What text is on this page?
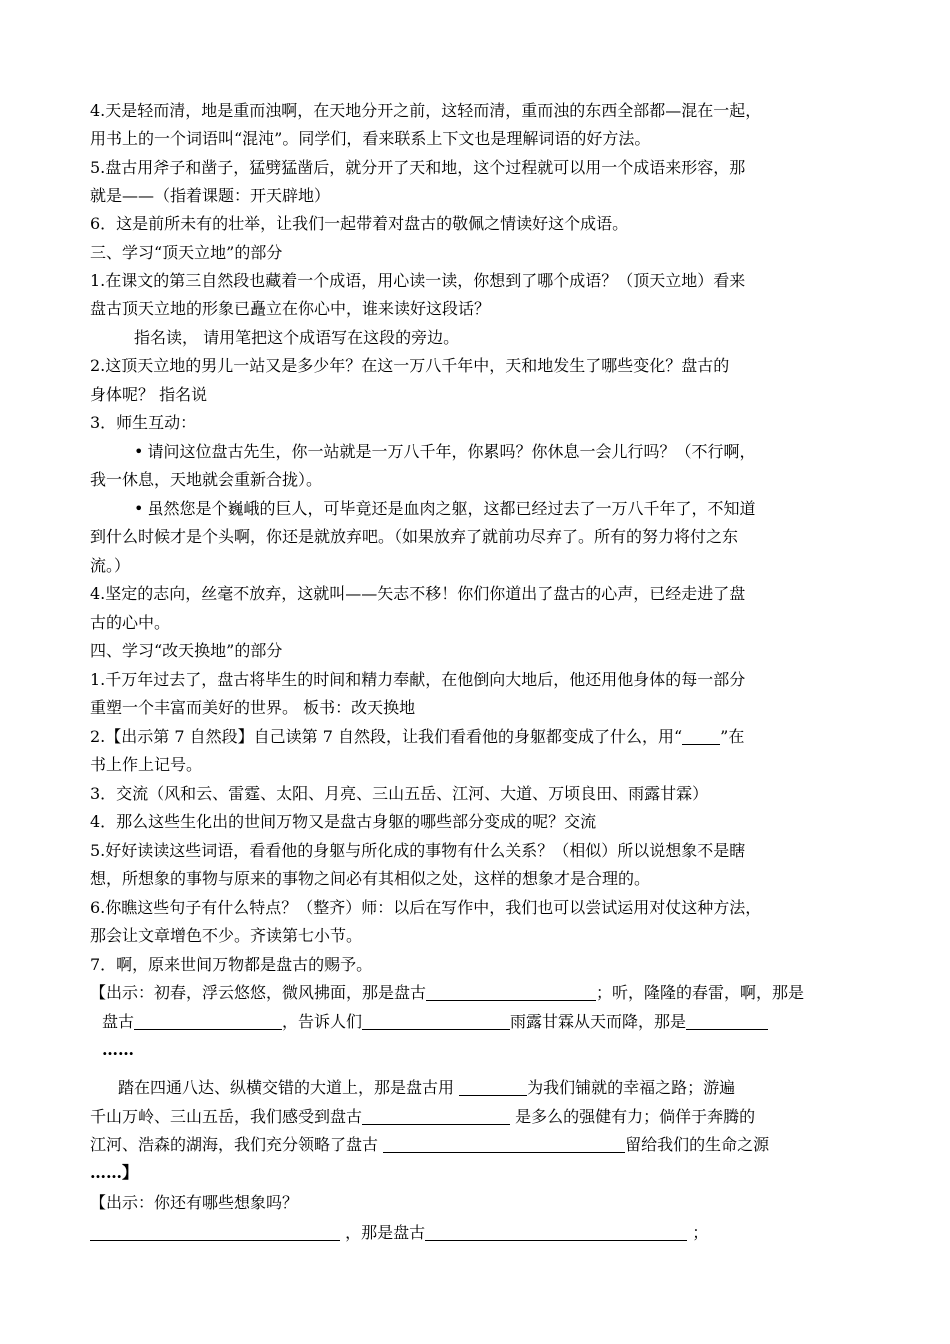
4.天是轻而清，地是重而浊啊，在天地分开之前，这轻而清，重而浊的东西全部都—混在一起，
用书上的一个词语叫“混沌”。同学们，看来联系上下文也是理解词语的好方法。
5.盘古用斧子和凿子，猛劈猛凿后，就分开了天和地，这个过程就可以用一个成语来形容，那
就是——（指着课题：开天辟地）
6．这是前所未有的壮举，让我们一起带着对盘古的敬佩之情读好这个成语。
三、学习“顶天立地”的部分
1.在课文的第三自然段也藏着一个成语，用心读一读，你想到了哪个成语？（顶天立地）看来
盘古顶天立地的形象已矗立在你心中，谁来读好这段话？
指名读， 请用笔把这个成语写在这段的旁边。
2.这顶天立地的男儿一站又是多少年？在这一万八千年中，天和地发生了哪些变化？盘古的
身体呢？ 指名说
3．师生互动：
• 请问这位盘古先生，你一站就是一万八千年，你累吗？你休息一会儿行吗？（不行啊，
我一休息，天地就会重新合拢）。
• 虽然您是个巍峨的巨人，可毕竟还是血肉之躯，这都已经过去了一万八千年了，不知道
到什么时候才是个头啊，你还是就放弃吧。（如果放弃了就前功尽弃了。所有的努力将付之东
流。）
4.坚定的志向，丝毫不放弃，这就叫——矢志不移！你们你道出了盘古的心声，已经走进了盘
古的心中。
四、学习“改天换地”的部分
1.千万年过去了，盘古将毕生的时间和精力奉献，在他倒向大地后，他还用他身体的每一部分
重塑一个丰富而美好的世界。 板书：改天换地
2.【出示第 7 自然段】自己读第 7 自然段，让我们看看他的身躯都变成了什么，用“ ”在
书上作上记号。
3．交流（风和云、雷霆、太阳、月亮、三山五岳、江河、大道、万顷良田、雨露甘霖）
4．那么这些生化出的世间万物又是盘古身躯的哪些部分变成的呢？交流
5.好好读读这些词语，看看他的身躯与所化成的事物有什么关系？（相似）所以说想象不是瞎
想，所想象的事物与原来的事物之间必有其相似之处，这样的想象才是合理的。
6.你瞧这些句子有什么特点？（整齐）师：以后在写作中，我们也可以尝试运用对仗这种方法，
那会让文章增色不少。齐读第七小节。
7．啊，原来世间万物都是盘古的赐予。
【出示：初春，浮云悠悠，微风拂面，那是盘古	；听，隆隆的春雷，啊，那是
盘古	，告诉人们	雨露甘霖从天而降，那是
……
踏在四通八达、纵横交错的大道上，那是盘古用	为我们铺就的幸福之路；游遍
千山万岭、三山五岳，我们感受到盘古	是多么的强健有力；倘佯于奔腾的
江河、浩森的湖海，我们充分领略了盘古	留给我们的生命之源
……】
【出示：你还有哪些想象吗？
，那是盘古	；
